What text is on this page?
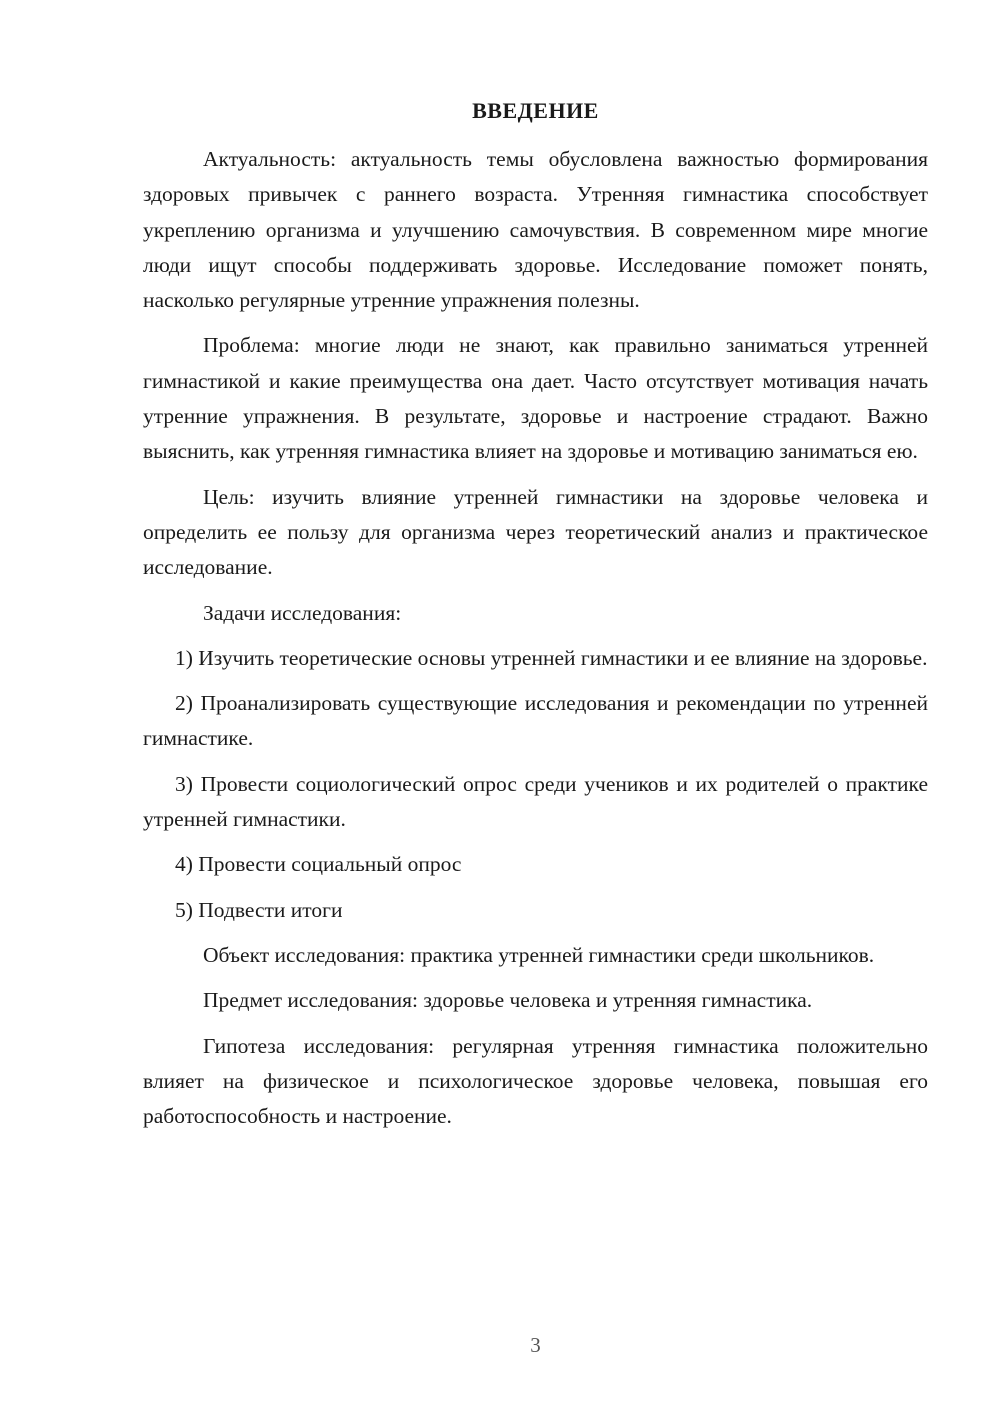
ВВЕДЕНИЕ

Актуальность: актуальность темы обусловлена важностью формирования здоровых привычек с раннего возраста. Утренняя гимнастика способствует укреплению организма и улучшению самочувствия. В современном мире многие люди ищут способы поддерживать здоровье. Исследование поможет понять, насколько регулярные утренние упражнения полезны.

Проблема: многие люди не знают, как правильно заниматься утренней гимнастикой и какие преимущества она дает. Часто отсутствует мотивация начать утренние упражнения. В результате, здоровье и настроение страдают. Важно выяснить, как утренняя гимнастика влияет на здоровье и мотивацию заниматься ею.

Цель: изучить влияние утренней гимнастики на здоровье человека и определить ее пользу для организма через теоретический анализ и практическое исследование.

Задачи исследования:

1) Изучить теоретические основы утренней гимнастики и ее влияние на здоровье.

2) Проанализировать существующие исследования и рекомендации по утренней гимнастике.

3) Провести социологический опрос среди учеников и их родителей о практике утренней гимнастики.

4) Провести социальный опрос

5) Подвести итоги

Объект исследования: практика утренней гимнастики среди школьников.

Предмет исследования: здоровье человека и утренняя гимнастика.

Гипотеза исследования: регулярная утренняя гимнастика положительно влияет на физическое и психологическое здоровье человека, повышая его работоспособность и настроение.

3
